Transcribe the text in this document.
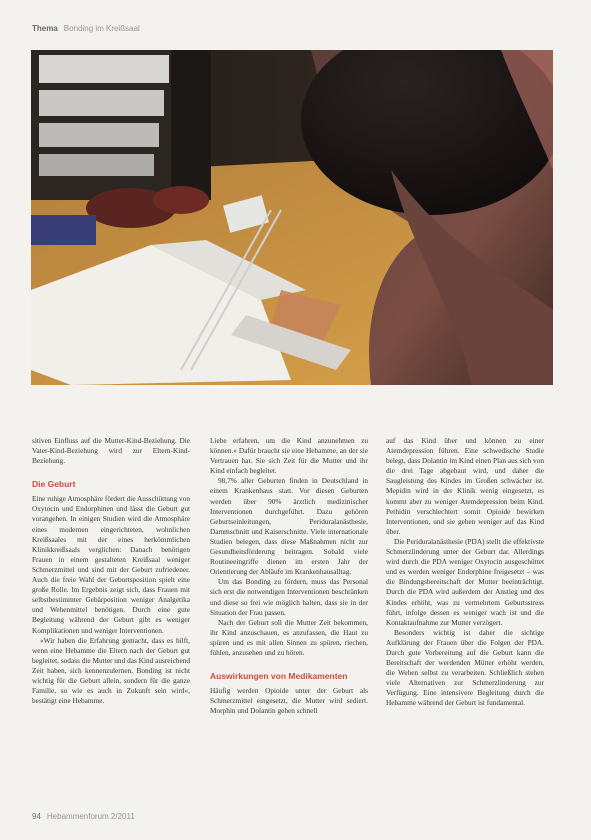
Thema Bonding im Kreißsaal

sitiven Einfluss auf die Mutter-Kind-Beziehung. Die Vater-Kind-Beziehung wird zur Eltern-Kind-Beziehung.

Die Geburt

Eine ruhige Atmosphäre fördert die Ausschüttung von Oxytocin und Endorphinen und lässt die Geburt gut vorangehen. In einigen Studien wird die Atmosphäre eines modernen eingerichteten, wohnlichen Kreißsaales mit der eines herkömmlichen Klinikkreißsaals verglichen: Danach benötigen Frauen in einem gestalteten Kreißsaal weniger Schmerzmittel und sind mit der Geburt zufriedener. Auch die freie Wahl der Geburtsposition spielt eine große Rolle. Im Ergebnis zeigt sich, dass Frauen mit selbstbestimmter Gebärposition weniger Analgetika und Wehenmittel benötigen. Durch eine gute Begleitung während der Geburt gibt es weniger Komplikationen und weniger Interventionen.

»Wir haben die Erfahrung gemacht, dass es hilft, wenn eine Hebamme die Eltern nach der Geburt gut begleitet, sodass die Mutter und das Kind ausreichend Zeit haben, sich kennenzulernen. Bonding ist nicht wichtig für die Geburt allein, sondern für die ganze Familie, so wie es auch in Zukunft sein wird«, bestätigt eine Hebamme.

Liebe erfahren, um die Kind anzunehmen zu können.« Dafür braucht sie eine Hebamme, an der sie Vertrauen hat. Sie sich Zeit für die Mutter und ihr Kind einfach begleitet.

98,7% aller Geburten finden in Deutschland in einem Krankenhaus statt. Vor diesen Geburten werden über 90% ärztlich medizinischer Interventionen durchgeführt. Dazu gehören Geburtseinleitungen, Periduralanästhesie, Dammschnitt und Kaiserschnitte. Viele internationale Studien belegen, dass diese Maßnahmen nicht zur Gesundheitsförderung beitragen. Sobald viele Routineeingriffe dienen im ersten Jahr der Orientierung der Abläufe im Krankenhausalltag.

Um das Bonding zu fördern, muss das Personal sich erst die notwendigen Interventionen beschränken und diese so frei wie möglich halten, dass sie in der Situation der Frau passen.

Nach der Geburt soll die Mutter Zeit bekommen, ihr Kind anzuschauen, es anzufassen, die Haut zu spüren und es mit allen Sinnen zu spüren, riechen, fühlen, anzusehen und zu hören.

Auswirkungen von Medikamenten

Häufig werden Opioide unter der Geburt als Schmerzmittel eingesetzt, die Mutter wird sediert. Morphin und Dolantin gehen schnell

auf das Kind über und können zu einer Atemdepression führen. Eine schwedische Studie belegt, dass Dolantin im Kind einen Plan aus sich von die drei Tage abgebaut wird, und daher die Saugleistung des Kindes im Großen schwächer ist. Mepidin wird in der Klinik wenig eingesetzt, es kommt aber zu weniger Atemdepression beim Kind. Pethidin verschlechtert somit Opioide bewirken Interventionen, und sie gehen weniger auf das Kind über.

Die Periduralanästhesie (PDA) stellt die effektivste Schmerzlinderung unter der Geburt dar. Allerdings wird durch die PDA weniger Oxytocin ausgeschüttet und es werden weniger Endorphine freigesetzt – was die Bindungsbereitschaft der Mutter beeinträchtigt. Durch die PDA wird außerdem der Anstieg und des Kindes erhöht, was zu vermehrtem Geburtsstress führt, infolge dessen es weniger wach ist und die Kontaktaufnahme zur Mutter verzögert.

Besonders wichtig ist daher die sichtige Aufklärung der Frauen über die Folgen der PDA. Durch gute Vorbereitung auf die Geburt kann die Bereitschaft der werdenden Mütter erhöht werden, die Wehen selbst zu verarbeiten. Schließlich stehen viele Alternativen zur Schmerzlinderung zur Verfügung. Eine intensivere Begleitung durch die Hebamme während der Geburt ist fundamental.

94 Hebammenforum 2/2011
